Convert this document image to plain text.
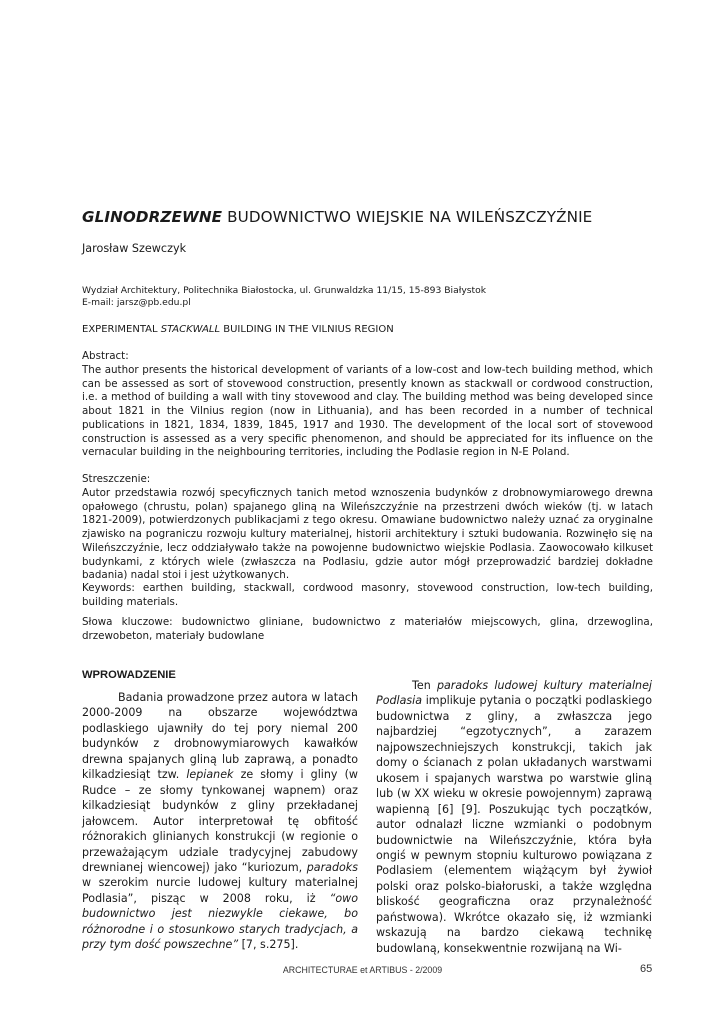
GLINODRZEWNE BUDOWNICTWO WIEJSKIE NA WILEŃSZCZYŹNIE
Jarosław Szewczyk
Wydział Architektury, Politechnika Białostocka, ul. Grunwaldzka 11/15, 15-893 Białystok
E-mail: jarsz@pb.edu.pl
EXPERIMENTAL STACKWALL BUILDING IN THE VILNIUS REGION
Abstract:
The author presents the historical development of variants of a low-cost and low-tech building method, which can be assessed as sort of stovewood construction, presently known as stackwall or cordwood construction, i.e. a method of building a wall with tiny stovewood and clay. The building method was being developed since about 1821 in the Vilnius region (now in Lithuania), and has been recorded in a number of technical publications in 1821, 1834, 1839, 1845, 1917 and 1930. The development of the local sort of stovewood construction is assessed as a very specific phenomenon, and should be appreciated for its influence on the vernacular building in the neighbouring territories, including the Podlasie region in N-E Poland.
Streszczenie:
Autor przedstawia rozwój specyficznych tanich metod wznoszenia budynków z drobnowymiarowego drewna opałowego (chrustu, polan) spajanego gliną na Wileńszczyźnie na przestrzeni dwóch wieków (tj. w latach 1821-2009), potwierdzonych publikacjami z tego okresu. Omawiane budownictwo należy uznać za oryginalne zjawisko na pograniczu rozwoju kultury materialnej, historii architektury i sztuki budowania. Rozwinęło się na Wileńszczyźnie, lecz oddziaływało także na powojenne budownictwo wiejskie Podlasia. Zaowocowało kilkuset budynkami, z których wiele (zwłaszcza na Podlasiu, gdzie autor mógł przeprowadzić bardziej dokładne badania) nadal stoi i jest użytkowanych.
Keywords: earthen building, stackwall, cordwood masonry, stovewood construction, low-tech building, building materials.
Słowa kluczowe: budownictwo gliniane, budownictwo z materiałów miejscowych, glina, drzewoglina, drzewobeton, materiały budowlane
WPROWADZENIE

Badania prowadzone przez autora w latach 2000-2009 na obszarze województwa podlaskiego ujawniły do tej pory niemal 200 budynków z drobnowymiarowych kawałków drewna spajanych gliną lub zaprawą, a ponadto kilkadziesiąt tzw. lepianek ze słomy i gliny (w Rudce – ze słomy tynkowanej wapnem) oraz kilkadziesiąt budynków z gliny przekładanej jałowcem. Autor interpretował tę obfitość różnorakich glinianych konstrukcji (w regionie o przeważającym udziale tradycyjnej zabudowy drewnianej wiencowej) jako “kuriozum, paradoks w szerokim nurcie ludowej kultury materialnej Podlasia”, pisząc w 2008 roku, iż “owo budownictwo jest niezwykle ciekawe, bo różnorodne i o stosunkowo starych tradycjach, a przy tym dość powszechne” [7, s.275].

Ten paradoks ludowej kultury materialnej Podlasia implikuje pytania o początki podlaskiego budownictwa z gliny, a zwłaszcza jego najbardziej “egzotycznych”, a zarazem najpowszechniejszych konstrukcji, takich jak domy o ścianach z polan układanych warstwami ukosem i spajanych warstwa po warstwie gliną lub (w XX wieku w okresie powojennym) zaprawą wapienną [6] [9]. Poszukując tych początków, autor odnalazł liczne wzmianki o podobnym budownictwie na Wileńszczyźnie, która była ongiś w pewnym stopniu kulturowo powiązana z Podlasiem (elementem wiążącym był żywioł polski oraz polsko-białoruski, a także względna bliskość geograficzna oraz przynależność państwowa). Wkrótce okazało się, iż wzmianki wskazują na bardzo ciekawą technikę budowlaną, konsekwentnie rozwijaną na Wi-

ARCHITECTURAE et ARTIBUS - 2/2009	65
